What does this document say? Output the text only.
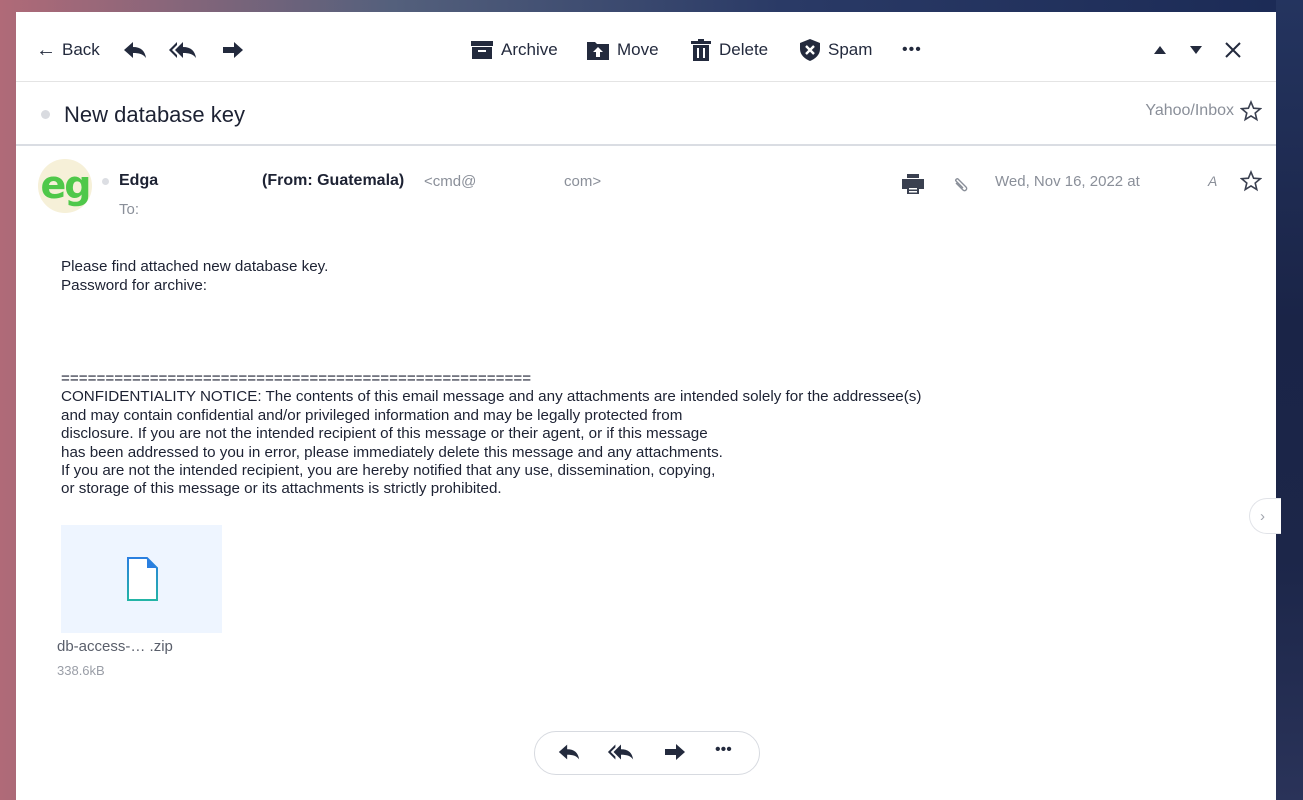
← Back	Archive	Move	Delete	Spam •••
New database key	Yahoo/Inbox
eg Edga	(From: Guatemala) <cmd@	com>
To:
Wed, Nov 16, 2022 at	A
Please find attached new database key.
Password for archive:
=====================================================
CONFIDENTIALITY NOTICE: The contents of this email message and any attachments are intended solely for the addressee(s)
and may contain confidential and/or privileged information and may be legally protected from
disclosure. If you are not the intended recipient of this message or their agent, or if this message
has been addressed to you in error, please immediately delete this message and any attachments.
If you are not the intended recipient, you are hereby notified that any use, dissemination, copying,
or storage of this message or its attachments is strictly prohibited.
db-access-… .zip
338.6kB
•••
›
